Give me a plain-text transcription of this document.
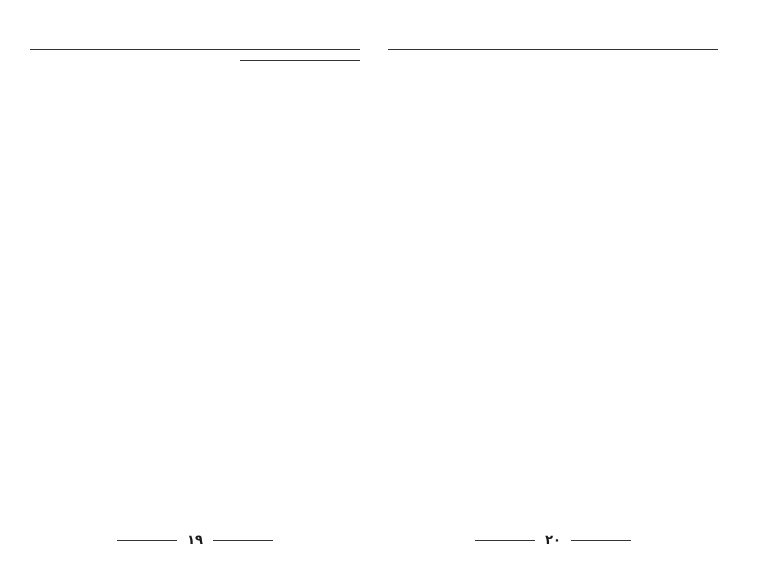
١٩	٢٠
